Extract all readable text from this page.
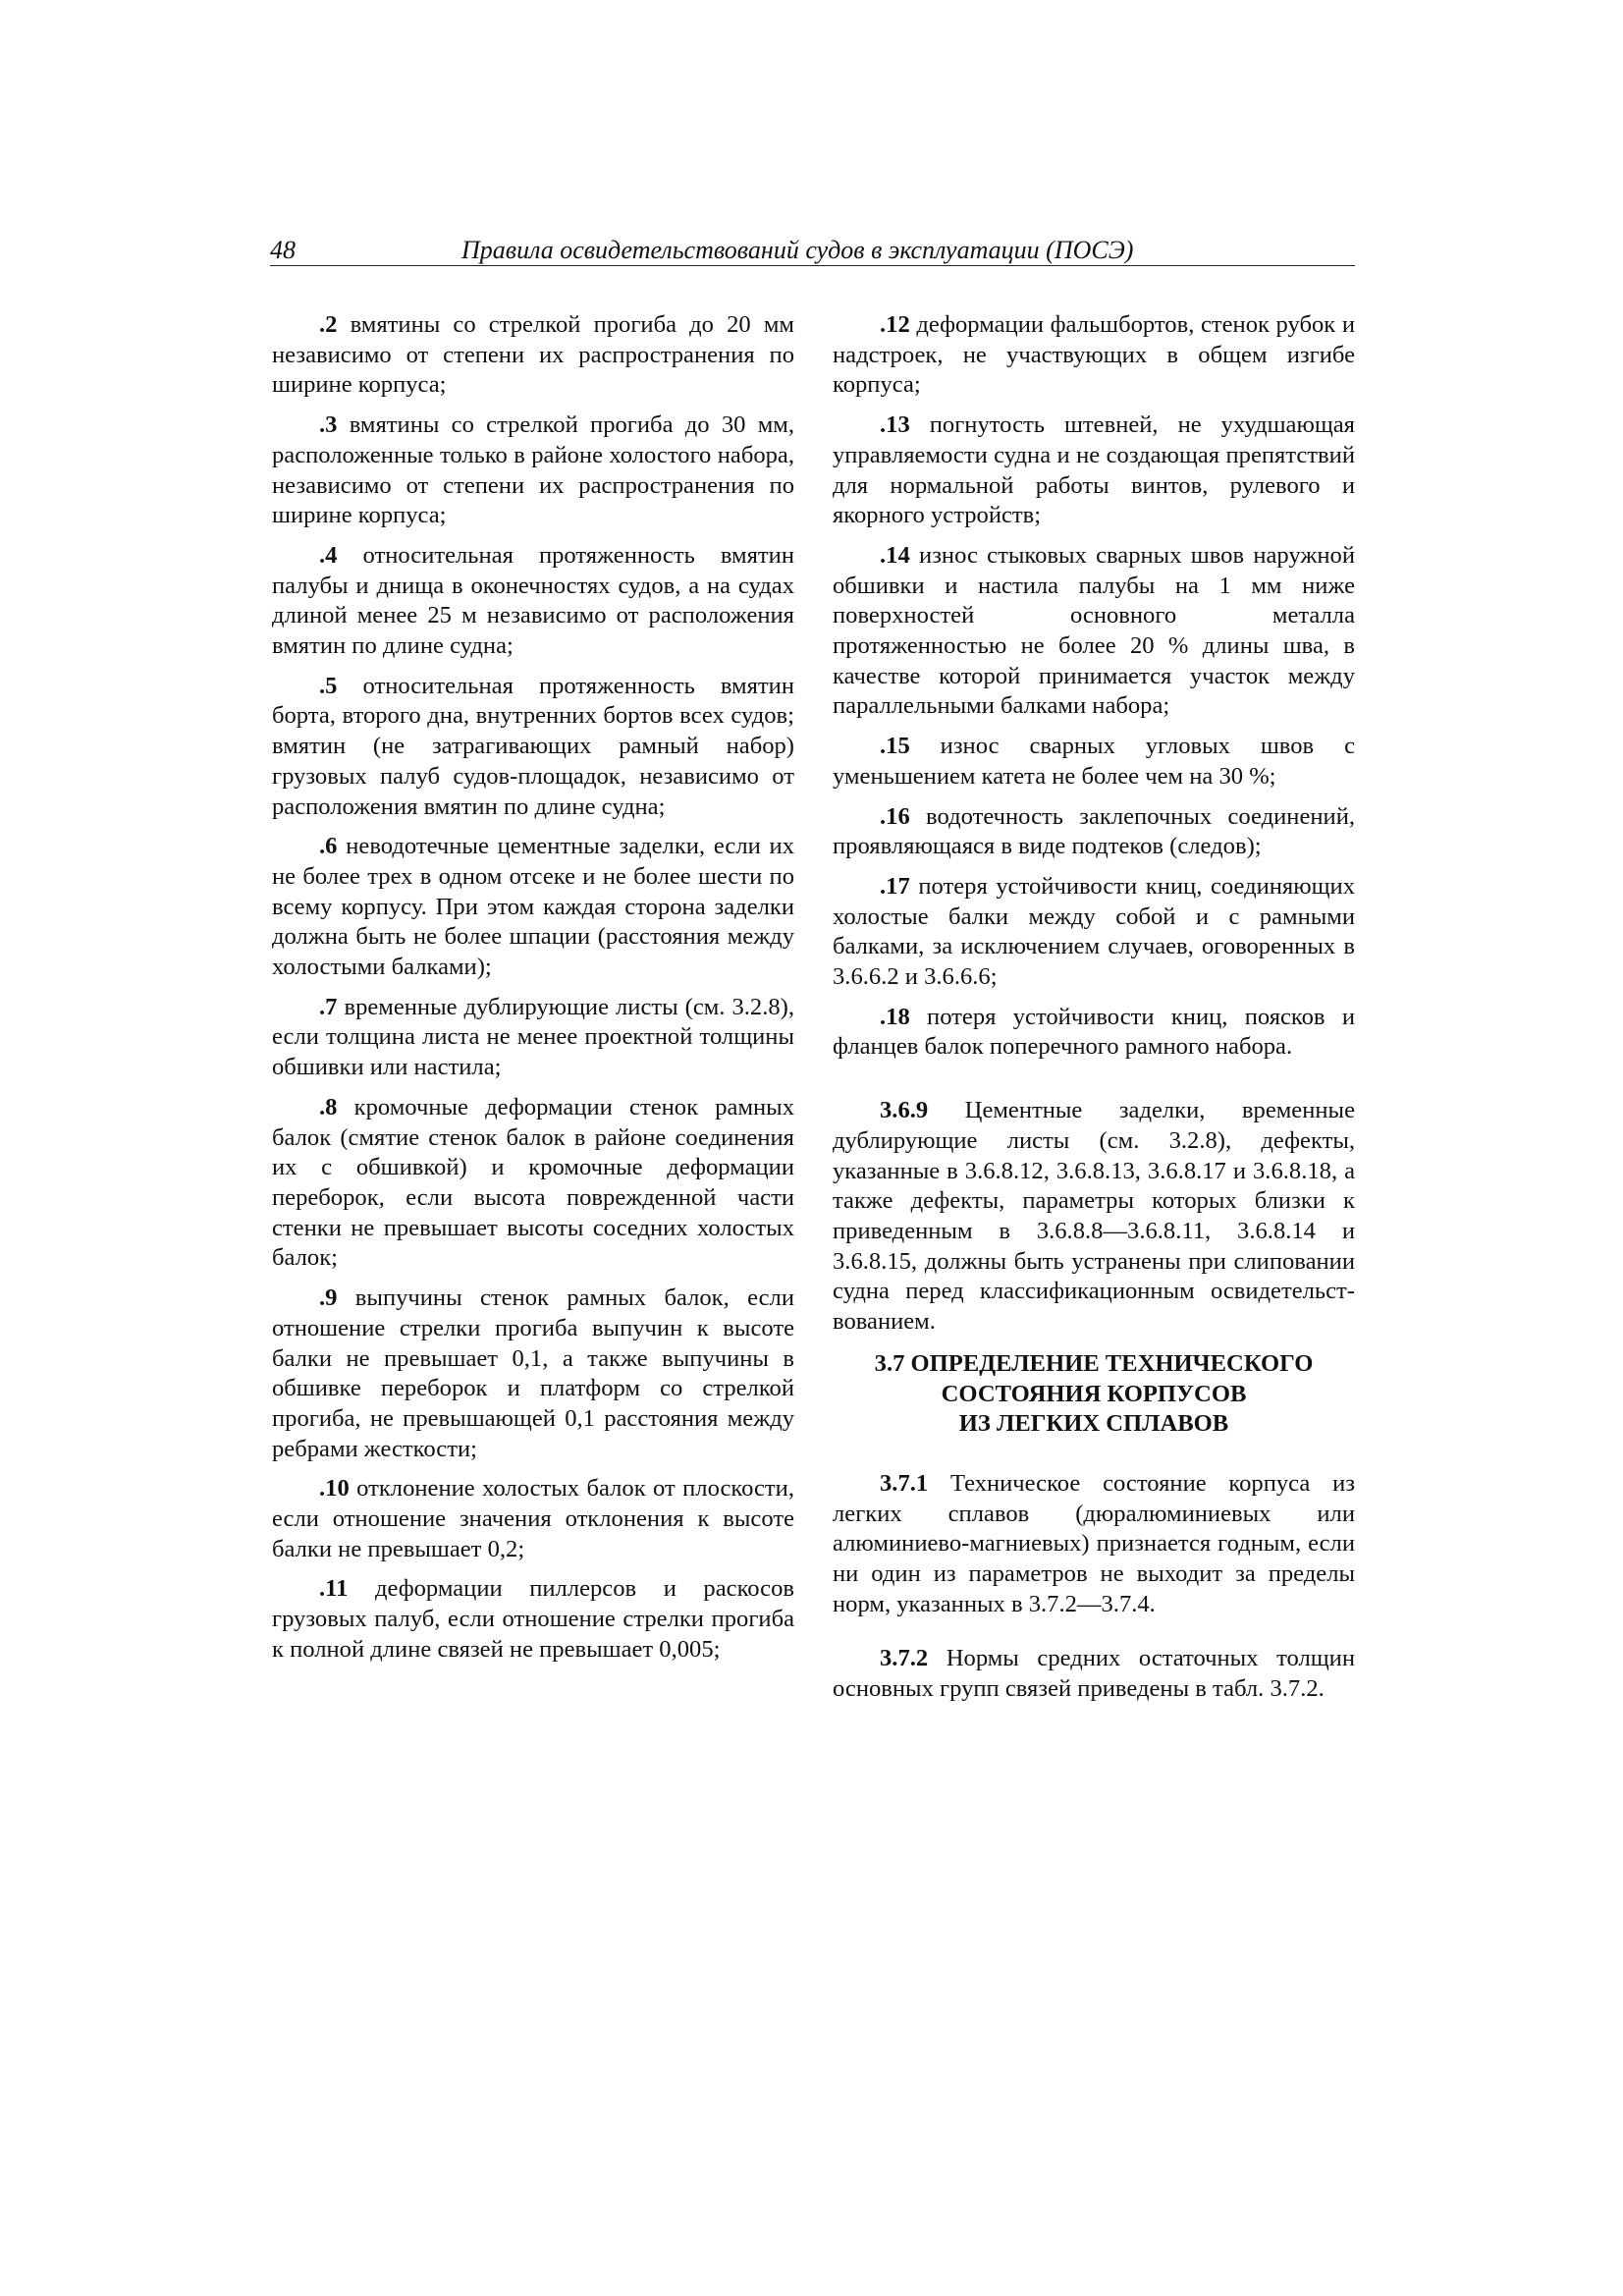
48	Правила освидетельствований судов в эксплуатации (ПОСЭ)

.2 вмятины со стрелкой прогиба до 20 мм независимо от степени их распространения по ширине корпуса;

.3 вмятины со стрелкой прогиба до 30 мм, расположенные только в районе холостого набора, независимо от степени их распространения по ширине корпуса;

.4 относительная протяженность вмятин палубы и днища в оконечностях судов, а на судах длиной менее 25 м независимо от расположения вмятин по длине судна;

.5 относительная протяженность вмятин борта, второго дна, внутренних бортов всех судов; вмятин (не затрагивающих рамный набор) грузовых палуб судов-площадок, независимо от расположения вмятин по длине судна;

.6 неводотечные цементные заделки, если их не более трех в одном отсеке и не более шести по всему корпусу. При этом каждая сторона заделки должна быть не более шпации (расстояния между холостыми балками);

.7 временные дублирующие листы (см. 3.2.8), если толщина листа не менее проектной толщины обшивки или настила;

.8 кромочные деформации стенок рамных балок (смятие стенок балок в районе соединения их с обшивкой) и кромочные деформации переборок, если высота поврежденной части стенки не превышает высоты соседних холостых балок;

.9 выпучины стенок рамных балок, если отношение стрелки прогиба выпучин к высоте балки не превышает 0,1, а также выпучины в обшивке переборок и платформ со стрелкой прогиба, не превышающей 0,1 расстояния между ребрами жесткости;

.10 отклонение холостых балок от плоскости, если отношение значения отклонения к высоте балки не превышает 0,2;

.11 деформации пиллерсов и раскосов грузовых палуб, если отношение стрелки прогиба к полной длине связей не превышает 0,005;

.12 деформации фальшбортов, стенок рубок и надстроек, не участвующих в общем изгибе корпуса;

.13 погнутость штевней, не ухудшающая управляемости судна и не создающая препятствий для нормальной работы винтов, рулевого и якорного устройств;

.14 износ стыковых сварных швов наружной обшивки и настила палубы на 1 мм ниже поверхностей основного металла протяженностью не более 20 % длины шва, в качестве которой принимается участок между параллельными балками набора;

.15 износ сварных угловых швов с уменьшением катета не более чем на 30 %;

.16 водотечность заклепочных соединений, проявляющаяся в виде подтеков (следов);

.17 потеря устойчивости книц, соединяющих холостые балки между собой и с рамными балками, за исключением случаев, оговоренных в 3.6.6.2 и 3.6.6.6;

.18 потеря устойчивости книц, поясков и фланцев балок поперечного рамного набора.

3.6.9 Цементные заделки, временные дублирующие листы (см. 3.2.8), дефекты, указанные в 3.6.8.12, 3.6.8.13, 3.6.8.17 и 3.6.8.18, а также дефекты, параметры которых близки к приведенным в 3.6.8.8—3.6.8.11, 3.6.8.14 и 3.6.8.15, должны быть устранены при слиповании судна перед классификационным освидетельствованием.

3.7 ОПРЕДЕЛЕНИЕ ТЕХНИЧЕСКОГО
СОСТОЯНИЯ КОРПУСОВ
ИЗ ЛЕГКИХ СПЛАВОВ

3.7.1 Техническое состояние корпуса из легких сплавов (дюралюминиевых или алюминиево-магниевых) признается годным, если ни один из параметров не выходит за пределы норм, указанных в 3.7.2—3.7.4.

3.7.2 Нормы средних остаточных толщин основных групп связей приведены в табл. 3.7.2.
